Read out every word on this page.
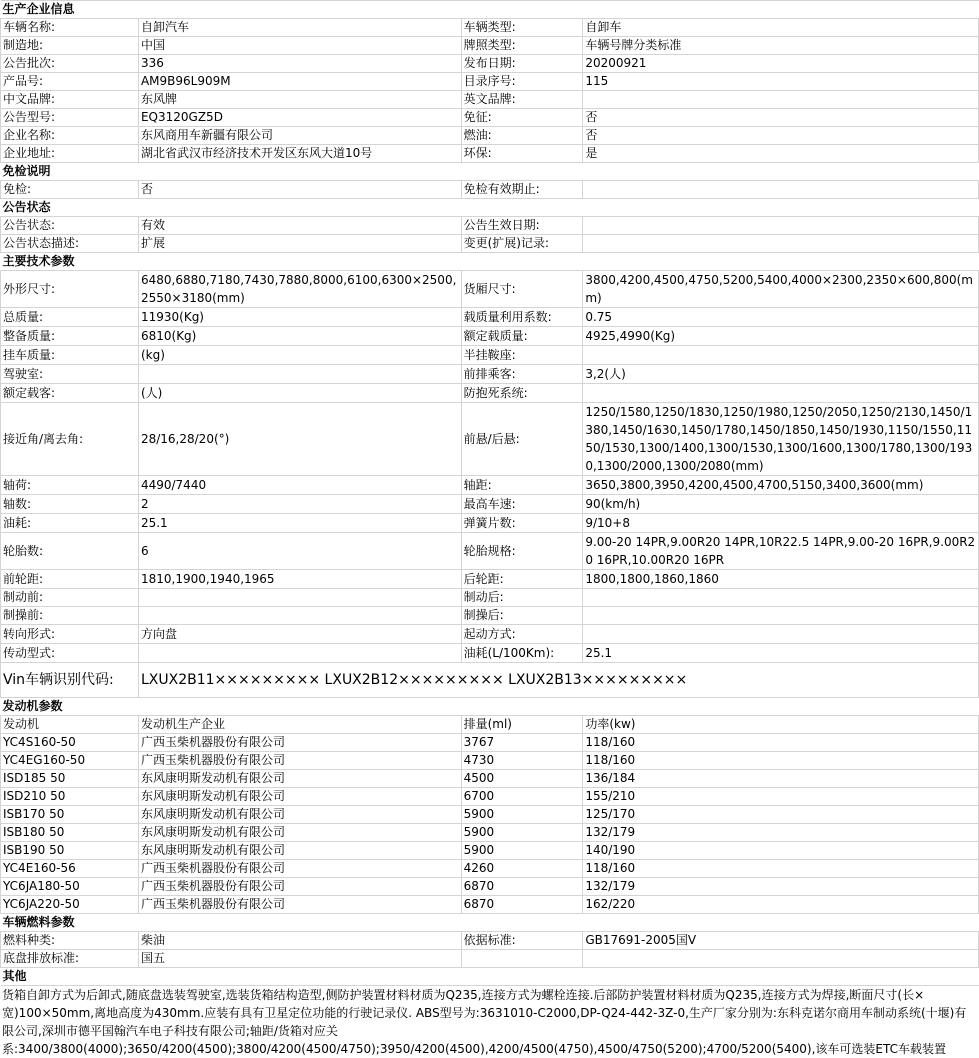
生产企业信息			
车辆名称:	自卸汽车	车辆类型:	自卸车
制造地:	中国	牌照类型:	车辆号牌分类标准
公告批次:	336	发布日期:	20200921
产品号:	AM9B96L909M	目录序号:	115
中文品牌:	东风牌	英文品牌:	
公告型号:	EQ3120GZ5D	免征:	否
企业名称:	东风商用车新疆有限公司	燃油:	否
企业地址:	湖北省武汉市经济技术开发区东风大道10号	环保:	是
免检说明			
免检:	否	免检有效期止:	
公告状态			
公告状态:	有效	公告生效日期:	
公告状态描述:	扩展	变更(扩展)记录:	
主要技术参数			
外形尺寸:	6480,6880,7180,7430,7880,8000,6100,6300×2500,2550×3180(mm)	货厢尺寸:	3800,4200,4500,4750,5200,5400,4000×2300,2350×600,800(mm)
总质量:	11930(Kg)	载质量利用系数:	0.75
整备质量:	6810(Kg)	额定载质量:	4925,4990(Kg)
挂车质量:	(kg)	半挂鞍座:	
驾驶室:		前排乘客:	3,2(人)
额定载客:	(人)	防抱死系统:	
接近角/离去角:	28/16,28/20(°)	前悬/后悬:	1250/1580,1250/1830,1250/1980,1250/2050,1250/2130,1450/1380,1450/1630,1450/1780,1450/1850,1450/1930,1150/1550,1150/1530,1300/1400,1300/1530,1300/1600,1300/1780,1300/1930,1300/2000,1300/2080(mm)
轴荷:	4490/7440	轴距:	3650,3800,3950,4200,4500,4700,5150,3400,3600(mm)
轴数:	2	最高车速:	90(km/h)
油耗:	25.1	弹簧片数:	9/10+8
轮胎数:	6	轮胎规格:	9.00-20 14PR,9.00R20 14PR,10R22.5 14PR,9.00-20 16PR,9.00R20 16PR,10.00R20 16PR
前轮距:	1810,1900,1940,1965	后轮距:	1800,1800,1860,1860
制动前:		制动后:	
制操前:		制操后:	
转向形式:	方向盘	起动方式:	
传动型式:		油耗(L/100Km):	25.1
Vin车辆识别代码:	LXUX2B11××××××××× LXUX2B12××××××××× LXUX2B13×××××××××		
发动机参数			
发动机	发动机生产企业	排量(ml)	功率(kw)
YC4S160-50	广西玉柴机器股份有限公司	3767	118/160
YC4EG160-50	广西玉柴机器股份有限公司	4730	118/160
ISD185 50	东风康明斯发动机有限公司	4500	136/184
ISD210 50	东风康明斯发动机有限公司	6700	155/210
ISB170 50	东风康明斯发动机有限公司	5900	125/170
ISB180 50	东风康明斯发动机有限公司	5900	132/179
ISB190 50	东风康明斯发动机有限公司	5900	140/190
YC4E160-56	广西玉柴机器股份有限公司	4260	118/160
YC6JA180-50	广西玉柴机器股份有限公司	6870	132/179
YC6JA220-50	广西玉柴机器股份有限公司	6870	162/220
车辆燃料参数			
燃料种类:	柴油	依据标准:	GB17691-2005国V
底盘排放标准:	国五		
其他			
货箱自卸方式为后卸式,随底盘选装驾驶室,选装货箱结构造型,侧防护装置材料材质为Q235,连接方式为螺栓连接.后部防护装置材料材质为Q235,连接方式为焊接,断面尺寸(长×宽)100×50mm,离地高度为430mm.应装有具有卫星定位功能的行驶记录仪. ABS型号为:3631010-C2000,DP-Q24-442-3Z-0,生产厂家分别为:东科克诺尔商用车制动系统(十堰)有限公司,深圳市德平国翰汽车电子科技有限公司;轴距/货箱对应关系:3400/3800(4000);3650/4200(4500);3800/4200(4500/4750);3950/4200(4500),4200/4500(4750),4500/4750(5200);4700/5200(5400),该车可选装ETC车载装置
